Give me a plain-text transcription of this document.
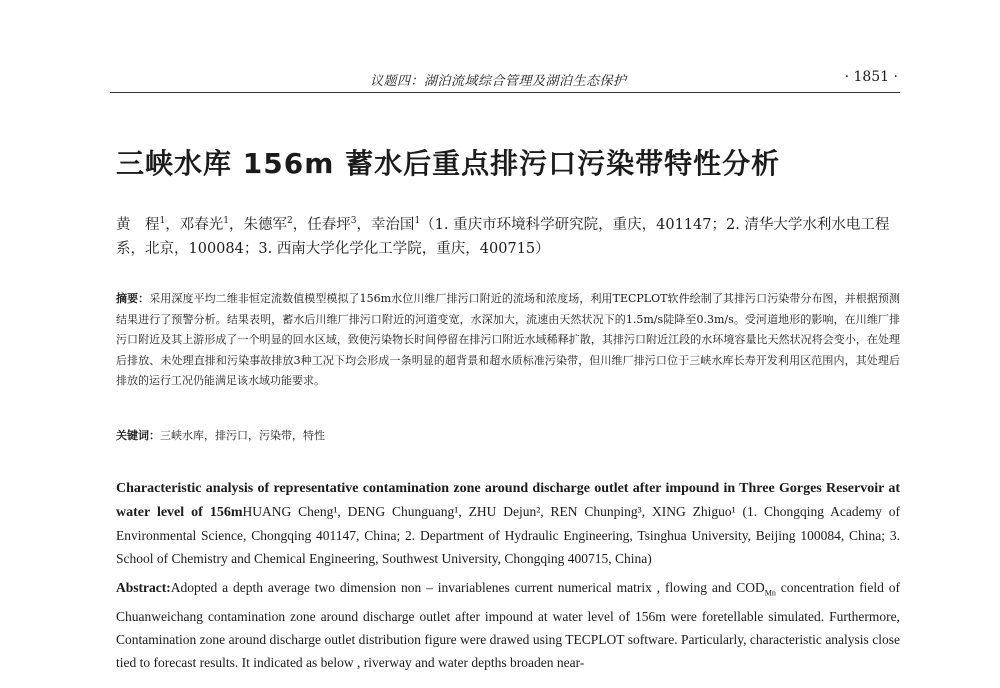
议题四：湖泊流域综合管理及湖泊生态保护	· 1851 ·
三峡水库 156m 蓄水后重点排污口污染带特性分析
黄　程$^1$，邓春光$^1$，朱德军$^2$，任春坪$^3$，幸治国$^1$（1. 重庆市环境科学研究院，重庆，401147；2. 清华大学水利水电工程系，北京，100084；3. 西南大学化学化工学院，重庆，400715）
摘要：采用深度平均二维非恒定流数值模型模拟了156m水位川维厂排污口附近的流场和浓度场，利用TECPLOT软件绘制了其排污口污染带分布图，并根据预测结果进行了预警分析。结果表明，蓄水后川维厂排污口附近的河道变宽，水深加大，流速由天然状况下的1.5m/s陡降至0.3m/s。受河道地形的影响，在川维厂排污口附近及其上游形成了一个明显的回水区域，致使污染物长时间停留在排污口附近水域稀释扩散，其排污口附近江段的水环境容量比天然状况将会变小，在处理后排放、未处理直排和污染事故排放3种工况下均会形成一条明显的超背景和超水质标准污染带，但川维厂排污口位于三峡水库长寿开发利用区范围内，其处理后排放的运行工况仍能满足该水域功能要求。
关键词：三峡水库，排污口，污染带，特性
Characteristic analysis of representative contamination zone around discharge outlet after impound in Three Gorges Reservoir at water level of 156mHUANG Cheng¹, DENG Chunguang¹, ZHU Dejun², REN Chunping³, XING Zhiguo¹ (1. Chongqing Academy of Environmental Science, Chongqing 401147, China; 2. Department of Hydraulic Engineering, Tsinghua University, Beijing 100084, China; 3. School of Chemistry and Chemical Engineering, Southwest University, Chongqing 400715, China)
Abstract:Adopted a depth average two dimension non – invariablenes current numerical matrix , flowing and $COD_{Mn}$ concentration field of Chuanweichang contamination zone around discharge outlet after impound at water level of 156m were foretellable simulated. Furthermore, Contamination zone around discharge outlet distribution figure were drawed using TECPLOT software. Particularly, characteristic analysis close tied to forecast results. It indicated as below , riverway and water depths broaden near-
